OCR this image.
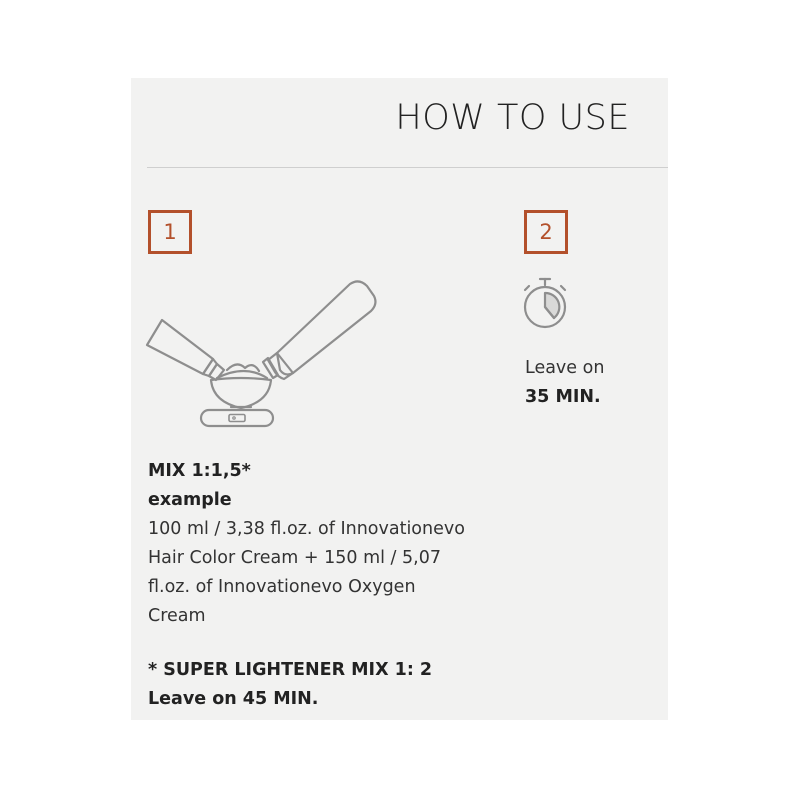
HOW TO USE
1
MIX 1:1,5*
example
100 ml / 3,38 fl.oz. of Innovationevo
Hair Color Cream + 150 ml / 5,07
fl.oz. of Innovationevo Oxygen
Cream
2
Leave on
35 MIN.
* SUPER LIGHTENER MIX 1: 2
Leave on 45 MIN.
